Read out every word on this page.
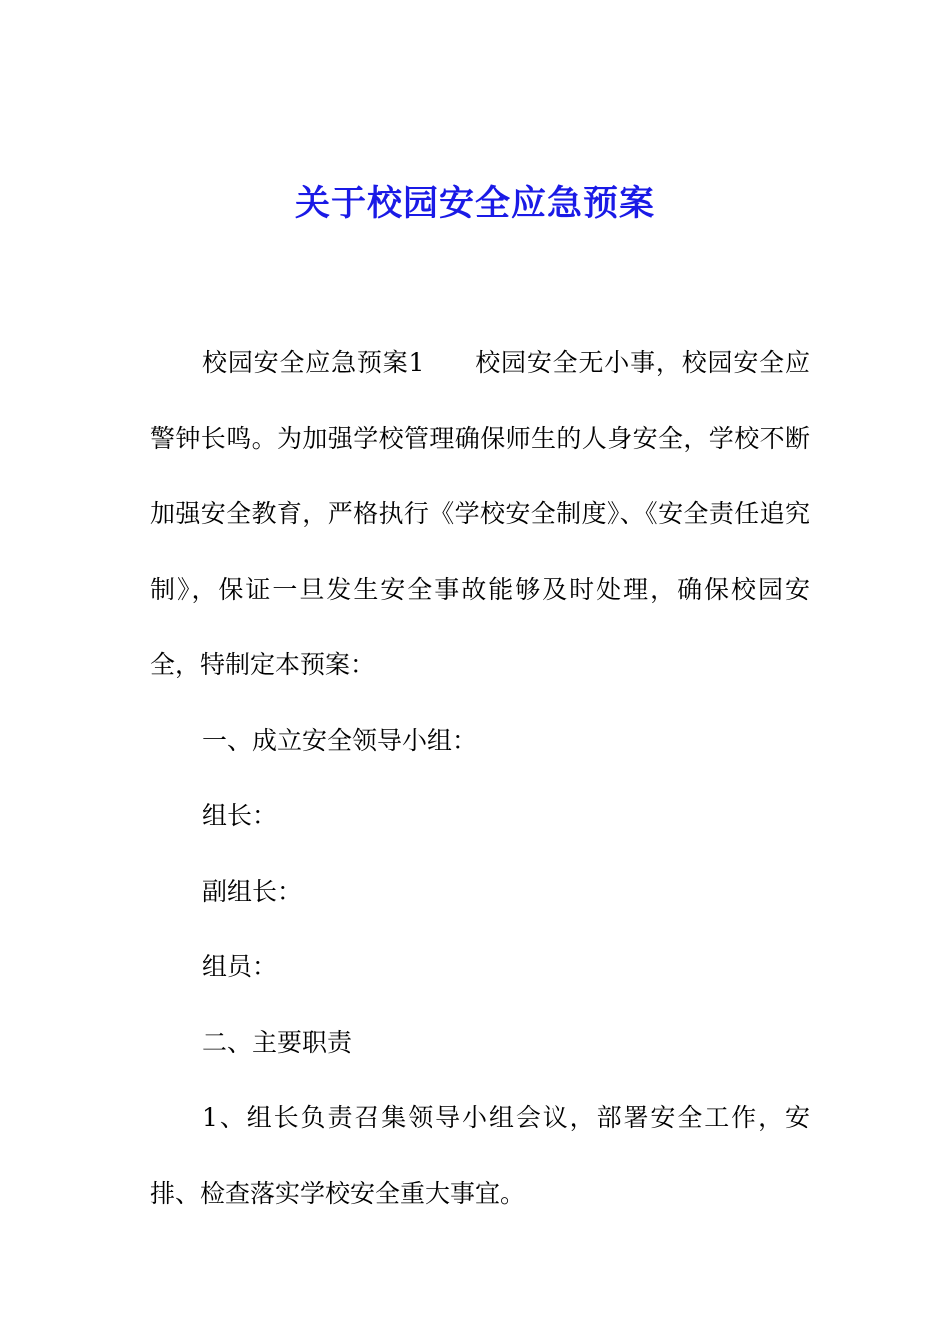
关于校园安全应急预案

校园安全应急预案1 校园安全无小事，校园安全应警钟长鸣。为加强学校管理确保师生的人身安全，学校不断加强安全教育，严格执行《学校安全制度》、《安全责任追究制》，保证一旦发生安全事故能够及时处理，确保校园安全，特制定本预案：

一、成立安全领导小组：

组长：

副组长：

组员：

二、主要职责

1、组长负责召集领导小组会议，部署安全工作，安排、检查落实学校安全重大事宜。
